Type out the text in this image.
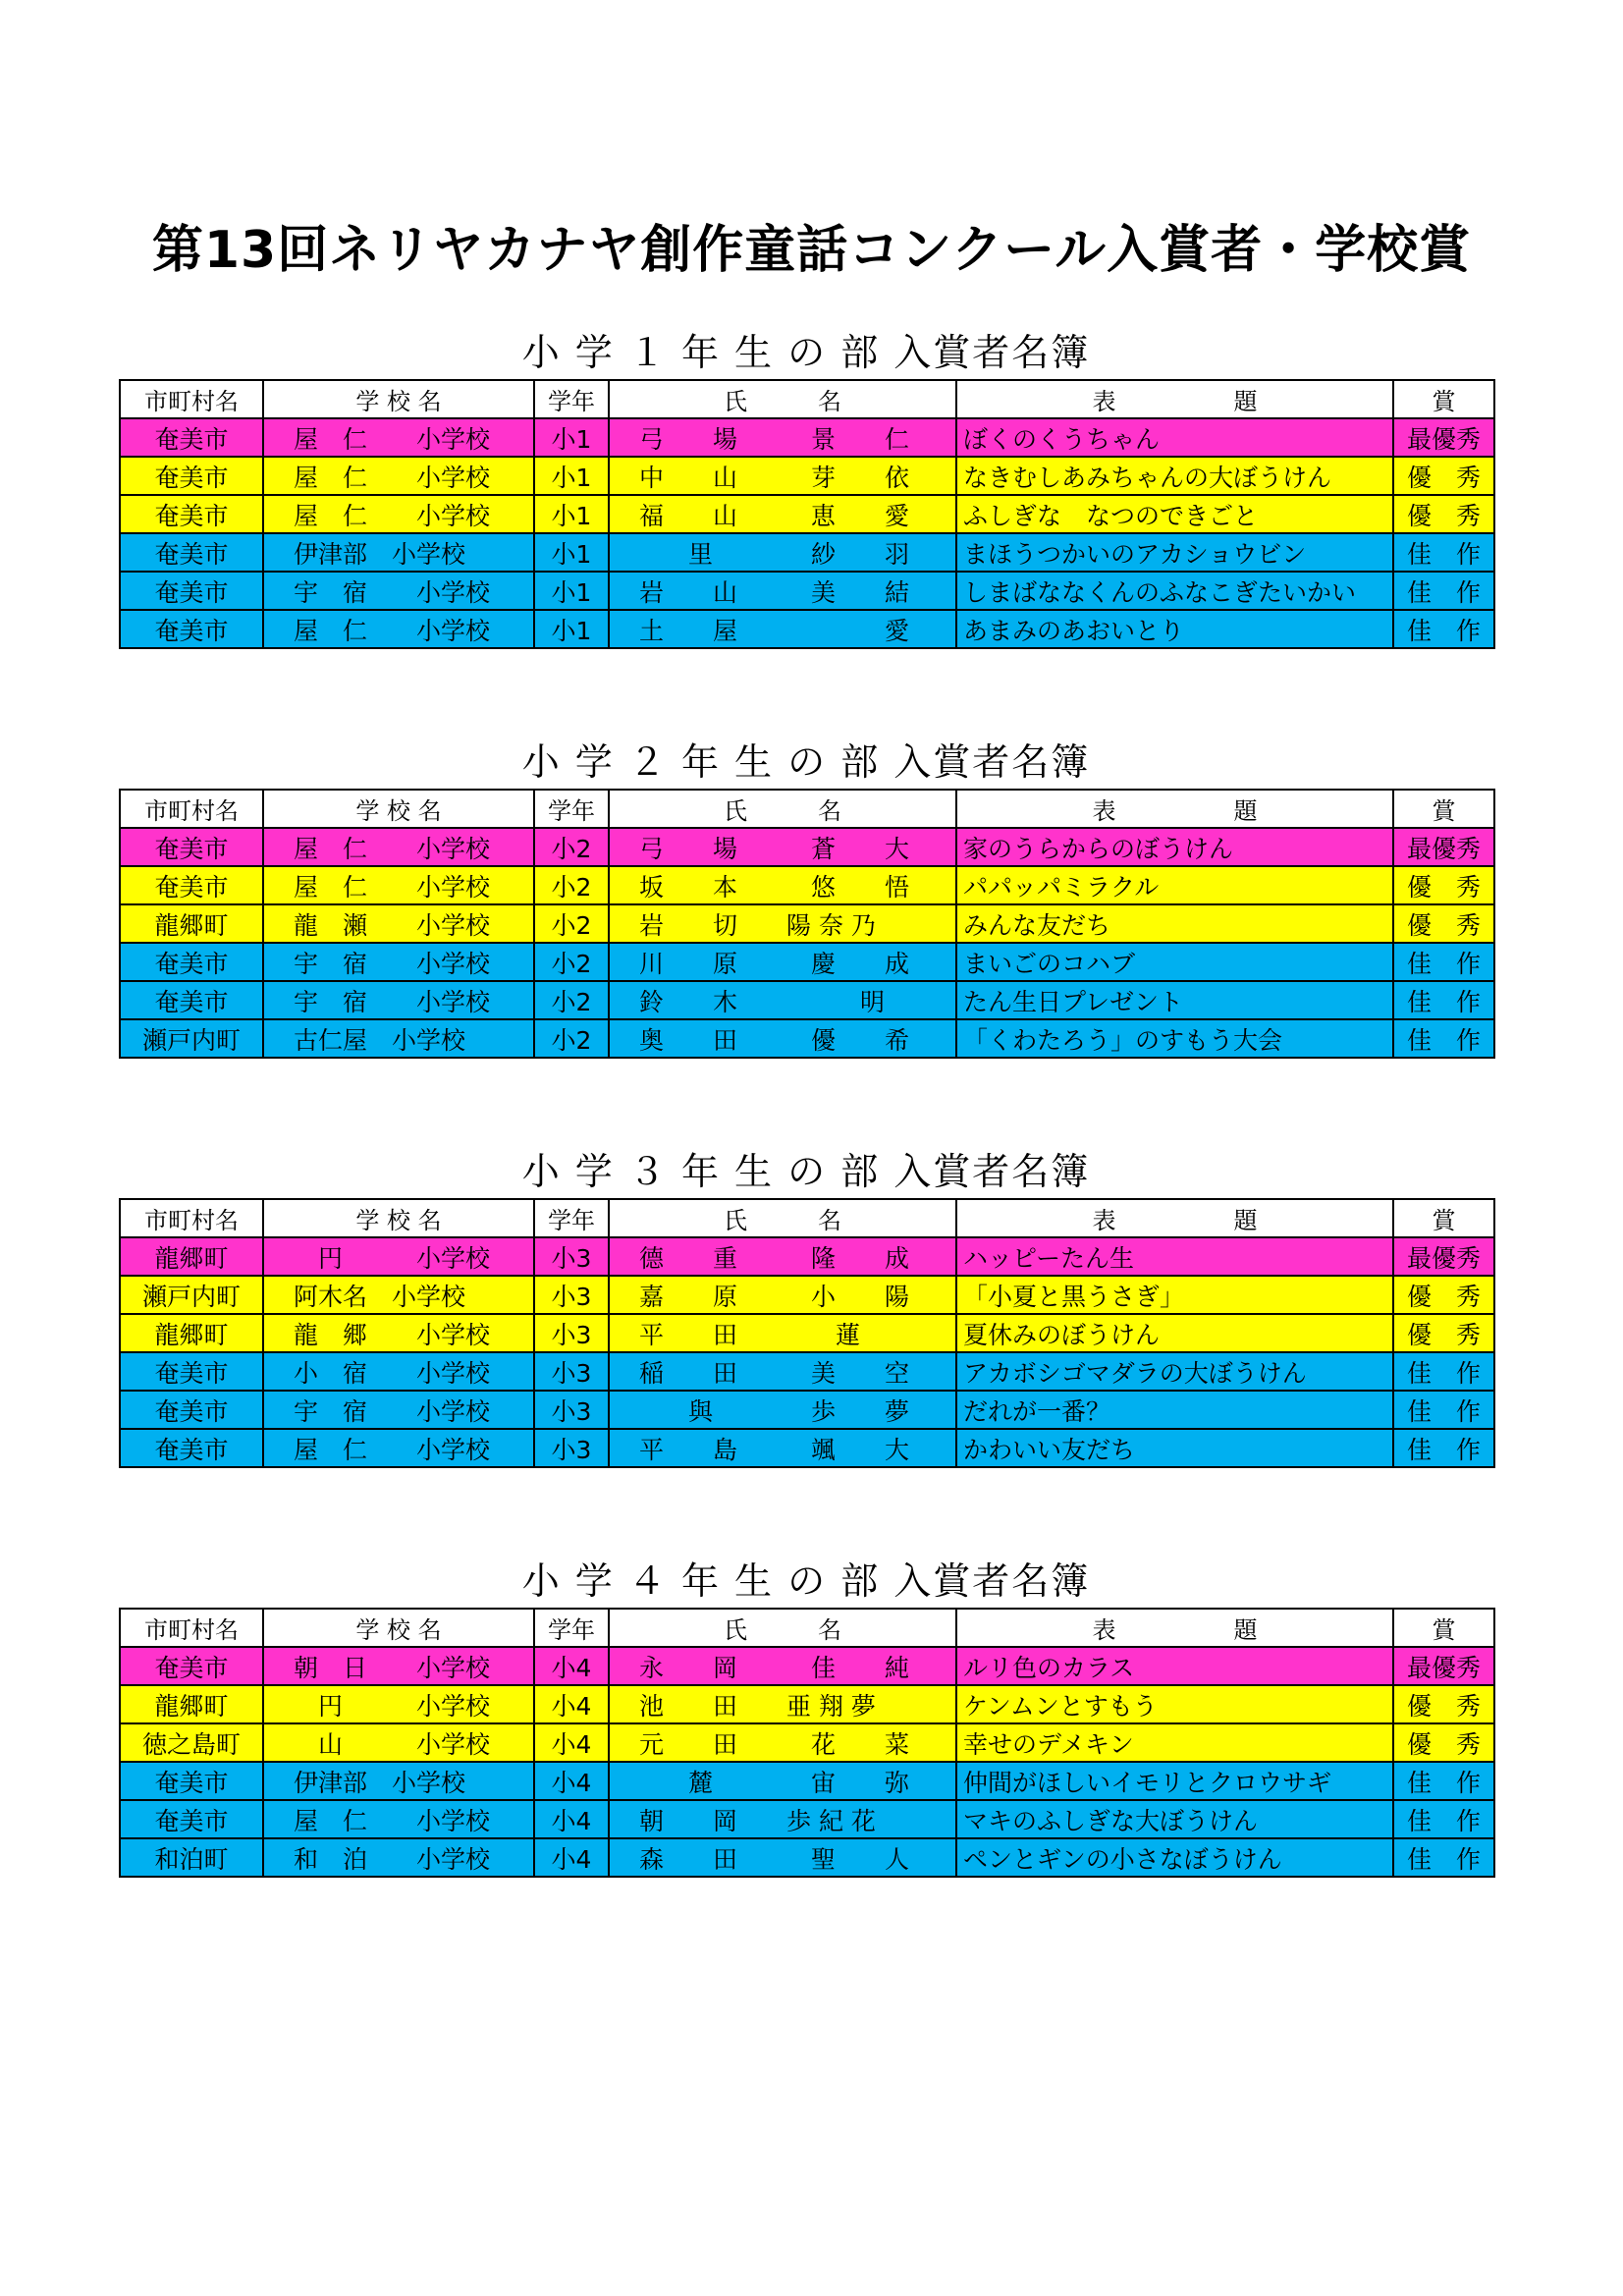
第13回ネリヤカナヤ創作童話コンクール入賞者・学校賞
小 学 １ 年 生 の 部 入賞者名簿
市町村名	学 校 名	学年	氏　　　名	表　　　　　題	賞
奄美市	屋　仁　　小学校	小1	弓　　場　　　景　　仁	ぼくのくうちゃん	最優秀
奄美市	屋　仁　　小学校	小1	中　　山　　　芽　　依	なきむしあみちゃんの大ぼうけん	優　秀
奄美市	屋　仁　　小学校	小1	福　　山　　　恵　　愛	ふしぎな　なつのできごと	優　秀
奄美市	伊津部　小学校	小1	　　里　　　　紗　　羽	まほうつかいのアカショウビン	佳　作
奄美市	宇　宿　　小学校	小1	岩　　山　　　美　　結	しまばななくんのふなこぎたいかい	佳　作
奄美市	屋　仁　　小学校	小1	土　　屋　　　　　　愛	あまみのあおいとり	佳　作
小 学 ２ 年 生 の 部 入賞者名簿
市町村名	学 校 名	学年	氏　　　名	表　　　　　題	賞
奄美市	屋　仁　　小学校	小2	弓　　場　　　蒼　　大	家のうらからのぼうけん	最優秀
奄美市	屋　仁　　小学校	小2	坂　　本　　　悠　　悟	パパッパミラクル	優　秀
龍郷町	龍　瀬　　小学校	小2	岩　　切　　陽 奈 乃	みんな友だち	優　秀
奄美市	宇　宿　　小学校	小2	川　　原　　　慶　　成	まいごのコハブ	佳　作
奄美市	宇　宿　　小学校	小2	鈴　　木　　　　　明	たん生日プレゼント	佳　作
瀬戸内町	古仁屋　小学校	小2	奥　　田　　　優　　希	「くわたろう」のすもう大会	佳　作
小 学 ３ 年 生 の 部 入賞者名簿
市町村名	学 校 名	学年	氏　　　名	表　　　　　題	賞
龍郷町	　円　　　小学校	小3	德　　重　　　隆　　成	ハッピーたん生	最優秀
瀬戸内町	阿木名　小学校	小3	嘉　　原　　　小　　陽	「小夏と黒うさぎ」	優　秀
龍郷町	龍　郷　　小学校	小3	平　　田　　　　蓮	夏休みのぼうけん	優　秀
奄美市	小　宿　　小学校	小3	稲　　田　　　美　　空	アカボシゴマダラの大ぼうけん	佳　作
奄美市	宇　宿　　小学校	小3	　　與　　　　歩　　夢	だれが一番？	佳　作
奄美市	屋　仁　　小学校	小3	平　　島　　　颯　　大	かわいい友だち	佳　作
小 学 ４ 年 生 の 部 入賞者名簿
市町村名	学 校 名	学年	氏　　　名	表　　　　　題	賞
奄美市	朝　日　　小学校	小4	永　　岡　　　佳　　純	ルリ色のカラス	最優秀
龍郷町	　円　　　小学校	小4	池　　田　　亜 翔 夢	ケンムンとすもう	優　秀
徳之島町	　山　　　小学校	小4	元　　田　　　花　　菜	幸せのデメキン	優　秀
奄美市	伊津部　小学校	小4	　　麓　　　　宙　　弥	仲間がほしいイモリとクロウサギ	佳　作
奄美市	屋　仁　　小学校	小4	朝　　岡　　歩 紀 花	マキのふしぎな大ぼうけん	佳　作
和泊町	和　泊　　小学校	小4	森　　田　　　聖　　人	ペンとギンの小さなぼうけん	佳　作
